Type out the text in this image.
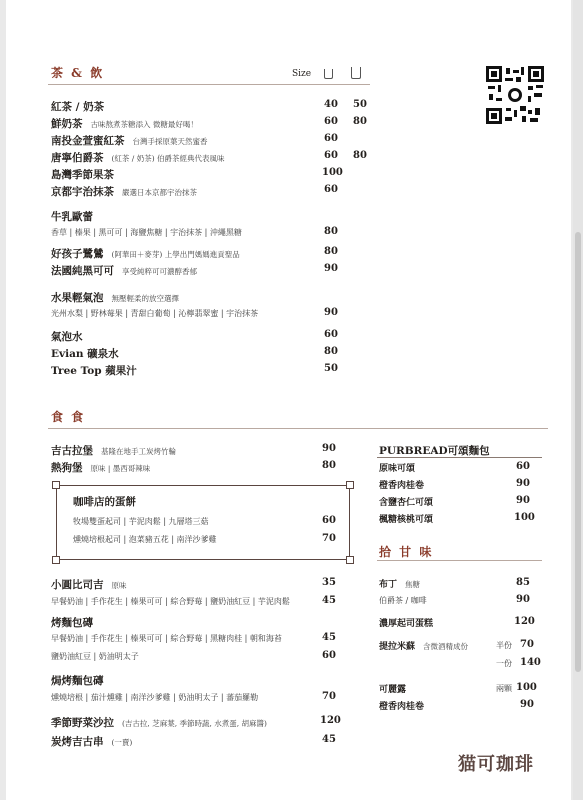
茶 & 飲	Size
紅茶 / 奶茶	40 50
鮮奶茶 古味熬煮茶糖添入 微糖最好喝！	60 80
南投金萱蜜紅茶 台灣手採原葉天然蜜香	60
唐寧伯爵茶 (紅茶 / 奶茶) 伯爵茶經典代表風味	60 80
島灣季節果茶	100
京都宇治抹茶 嚴選日本京都宇治抹茶	60
牛乳歐蕾
香草 | 榛果 | 黑可可 | 海鹽焦糖 | 宇治抹茶 | 沖繩黑糖	80
好孩子鷺鷥 (阿華田＋麥芽) 上學出門媽媽進貢聖品	80
法國純黑可可 享受純粹可可濃醇香郁	90
水果輕氣泡 無壓輕柔的放空選擇
光州水梨 | 野林莓果 | 青甜白葡萄 | 沁檸翡翠蜜 | 宇治抹茶	90
氣泡水	60
Evian 礦泉水	80
Tree Top 蘋果汁	50
食 食
吉古拉堡 基隆在地手工炭烤竹輪	90
熱狗堡 原味 | 墨西哥辣味	80
咖啡店的蛋餅
牧場雙蛋起司 | 芋泥肉鬆 | 九層塔三菇	60
燻燒培根起司 | 泡菜豬五花 | 南洋沙爹雞	70
小圓比司吉 原味	35
早餐奶油 | 手作花生 | 榛果可可 | 綜合野莓 | 鹽奶油紅豆 | 芋泥肉鬆	45
烤麵包磚
早餐奶油 | 手作花生 | 榛果可可 | 綜合野莓 | 黑糖肉桂 | 朝和海苔	45
鹽奶油紅豆 | 奶油明太子	60
焗烤麵包磚
燻燒培根 | 茄汁燻雞 | 南洋沙爹雞 | 奶油明太子 | 蕃茄羅勒	70
季節野菜沙拉 (吉古拉, 芝麻葉, 季節時蔬, 水煮蛋, 胡麻醬)	120
炭烤吉古串 (一賣)	45
PURBREAD可頌麵包
原味可頌	60
橙香肉桂卷	90
含鹽杏仁可頌	90
楓糖核桃可頌	100
拾 甘 味
布丁 焦糖	85
伯爵茶 / 咖啡	90
濃厚起司蛋糕	120
提拉米蘇 含微酒精成份	半份 70
一份 140
可麗露	兩顆 100
橙香肉桂卷	90
猫可珈琲
